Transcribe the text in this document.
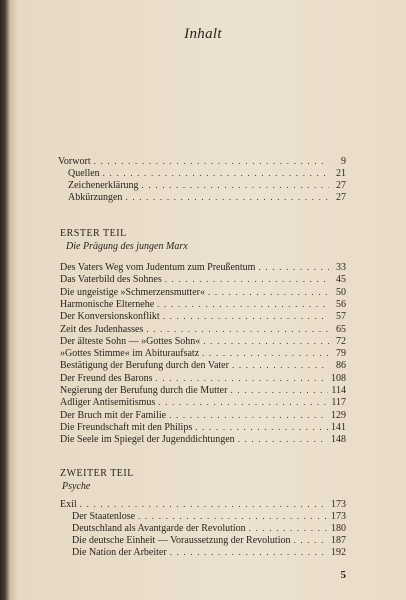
Inhalt
Vorwort . . .	9
Quellen . . .	21
Zeichenerklärung . . .	27
Abkürzungen . . .	27
ERSTER TEIL
Die Prägung des jungen Marx
Des Vaters Weg vom Judentum zum Preußentum . . .	33
Das Vaterbild des Sohnes . . .	45
Die ungeistige »Schmerzensmutter« . . .	50
Harmonische Elternehe . . .	56
Der Konversionskonflikt . . .	57
Zeit des Judenhasses . . .	65
Der älteste Sohn — »Gottes Sohn« . . .	72
»Gottes Stimme« im Abituraufsatz . . .	79
Bestätigung der Berufung durch den Vater . . .	86
Der Freund des Barons . . .	108
Negierung der Berufung durch die Mutter . . .	114
Adliger Antisemitismus . . .	117
Der Bruch mit der Familie . . .	129
Die Freundschaft mit den Philips . . .	141
Die Seele im Spiegel der Jugenddichtungen . . .	148
ZWEITER TEIL
Psyche
Exil . . .	173
Der Staatenlose . . .	173
Deutschland als Avantgarde der Revolution . . .	180
Die deutsche Einheit — Voraussetzung der Revolution . . .	187
Die Nation der Arbeiter . . .	192
5
